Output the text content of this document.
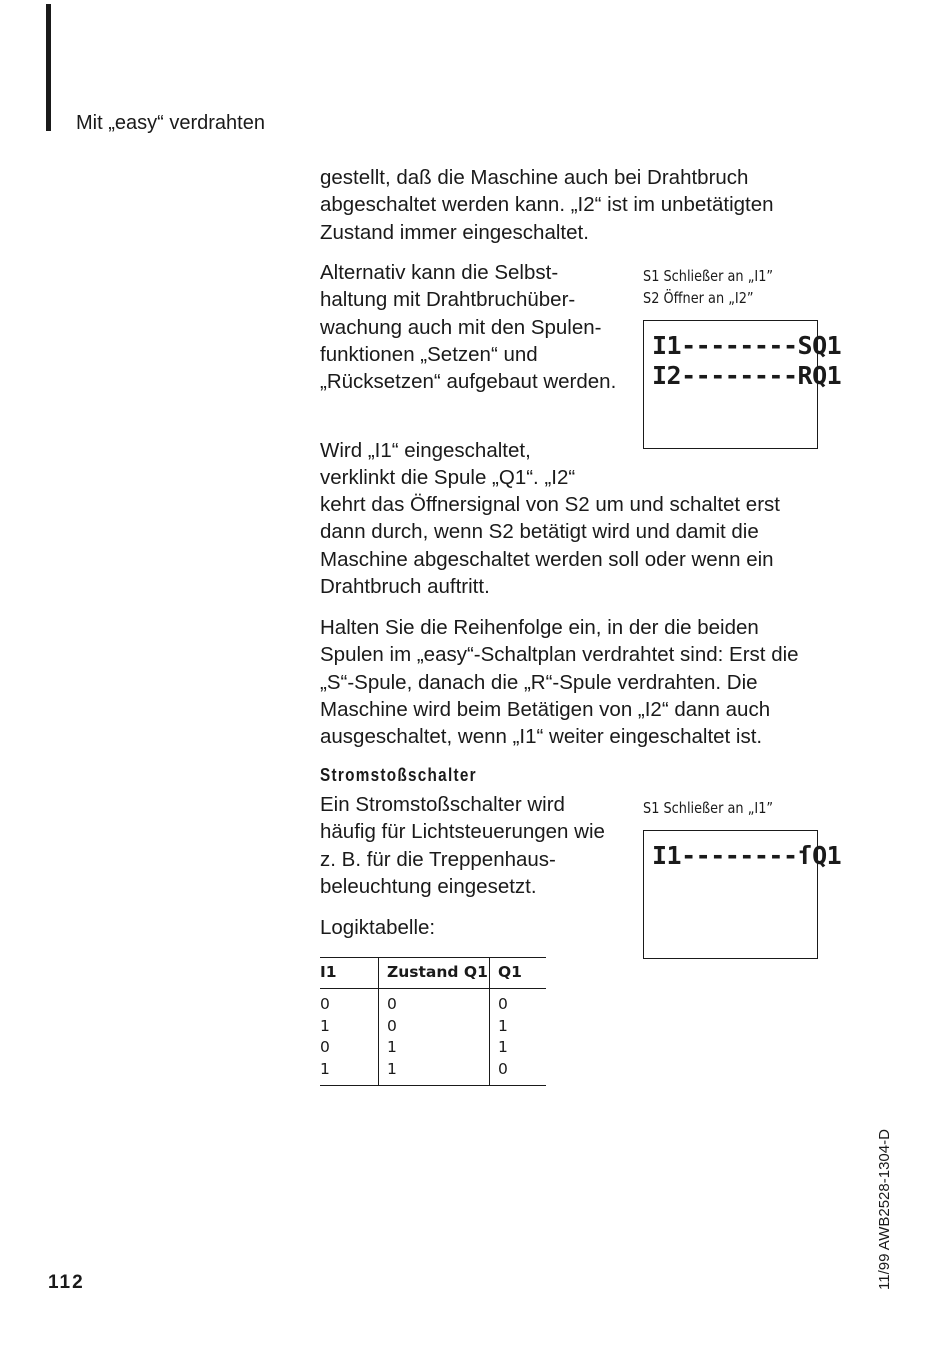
Mit „easy“ verdrahten

gestellt, daß die Maschine auch bei Drahtbruch abgeschaltet werden kann. „I2“ ist im unbetätigten Zustand immer eingeschaltet.

Alternativ kann die Selbst-haltung mit Drahtbruchüber-wachung auch mit den Spulen-funktionen „Setzen“ und „Rücksetzen“ aufgebaut werden.

Wird „I1“ eingeschaltet,

verklinkt die Spule „Q1“. „I2“

kehrt das Öffnersignal von S2 um und schaltet erst dann durch, wenn S2 betätigt wird und damit die Maschine abgeschaltet werden soll oder wenn ein Drahtbruch auftritt.

Halten Sie die Reihenfolge ein, in der die beiden Spulen im „easy“-Schaltplan verdrahtet sind: Erst die „S“-Spule, danach die „R“-Spule verdrahten. Die Maschine wird beim Betätigen von „I2“ dann auch ausgeschaltet, wenn „I1“ weiter eingeschaltet ist.

S1 Schließer an „I1”
S2 Öffner an „I2”
I1--------SQ1
I2--------RQ1
Stromstoßschalter

Ein Stromstoßschalter wird häufig für Lichtsteuerungen wie z. B. für die Treppenhaus-beleuchtung eingesetzt.

Logiktabelle:

S1 Schließer an „I1”
I1--------ſQ1
I1	Zustand Q1	Q1
0	0	0
1	0	1
0	1	1
1	1	0
112	11/99 AWB2528-1304-D
